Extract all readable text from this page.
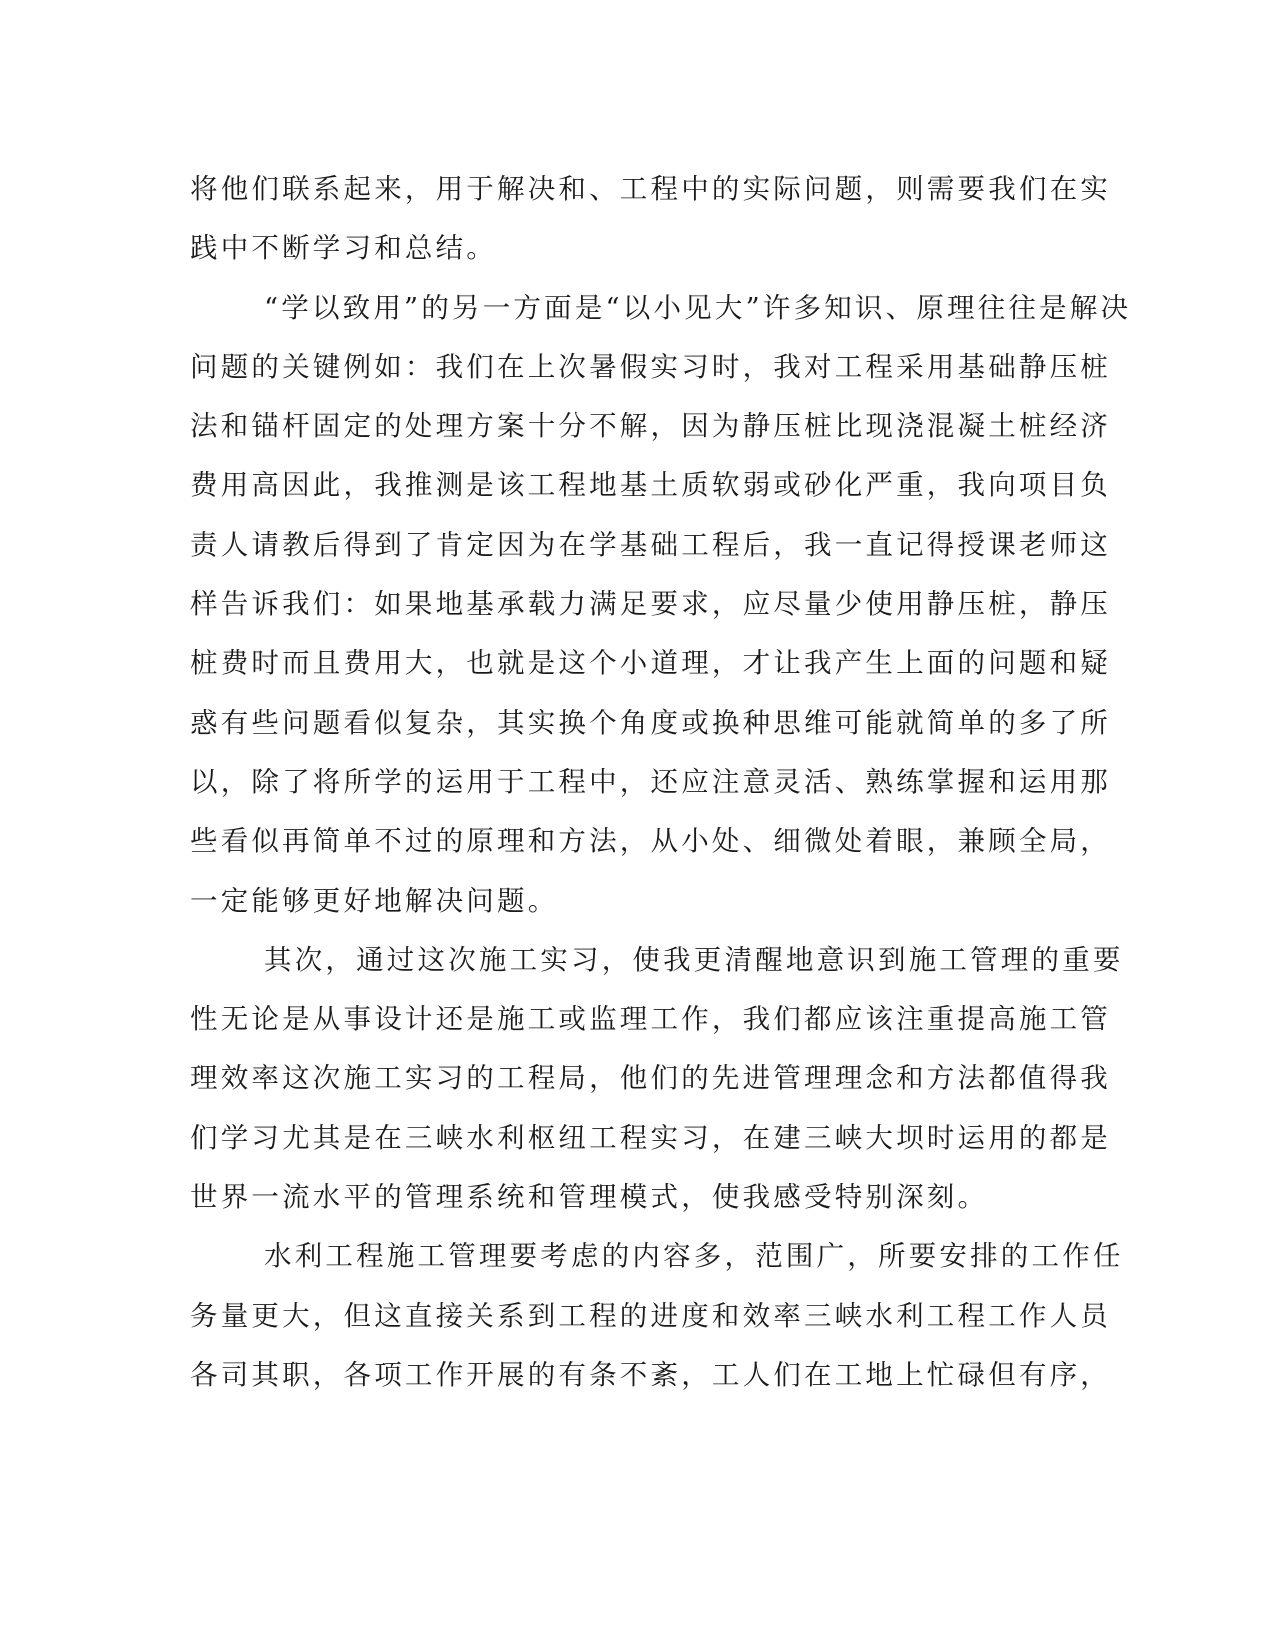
将他们联系起来，用于解决和、工程中的实际问题，则需要我们在实
践中不断学习和总结。
“学以致用”的另一方面是“以小见大”许多知识、原理往往是解决
问题的关键例如：我们在上次暑假实习时，我对工程采用基础静压桩
法和锚杆固定的处理方案十分不解，因为静压桩比现浇混凝土桩经济
费用高因此，我推测是该工程地基土质软弱或砂化严重，我向项目负
责人请教后得到了肯定因为在学基础工程后，我一直记得授课老师这
样告诉我们：如果地基承载力满足要求，应尽量少使用静压桩，静压
桩费时而且费用大，也就是这个小道理，才让我产生上面的问题和疑
惑有些问题看似复杂，其实换个角度或换种思维可能就简单的多了所
以，除了将所学的运用于工程中，还应注意灵活、熟练掌握和运用那
些看似再简单不过的原理和方法，从小处、细微处着眼，兼顾全局，
一定能够更好地解决问题。
其次，通过这次施工实习，使我更清醒地意识到施工管理的重要
性无论是从事设计还是施工或监理工作，我们都应该注重提高施工管
理效率这次施工实习的工程局，他们的先进管理理念和方法都值得我
们学习尤其是在三峡水利枢纽工程实习，在建三峡大坝时运用的都是
世界一流水平的管理系统和管理模式，使我感受特别深刻。
水利工程施工管理要考虑的内容多，范围广，所要安排的工作任
务量更大，但这直接关系到工程的进度和效率三峡水利工程工作人员
各司其职，各项工作开展的有条不紊，工人们在工地上忙碌但有序，
